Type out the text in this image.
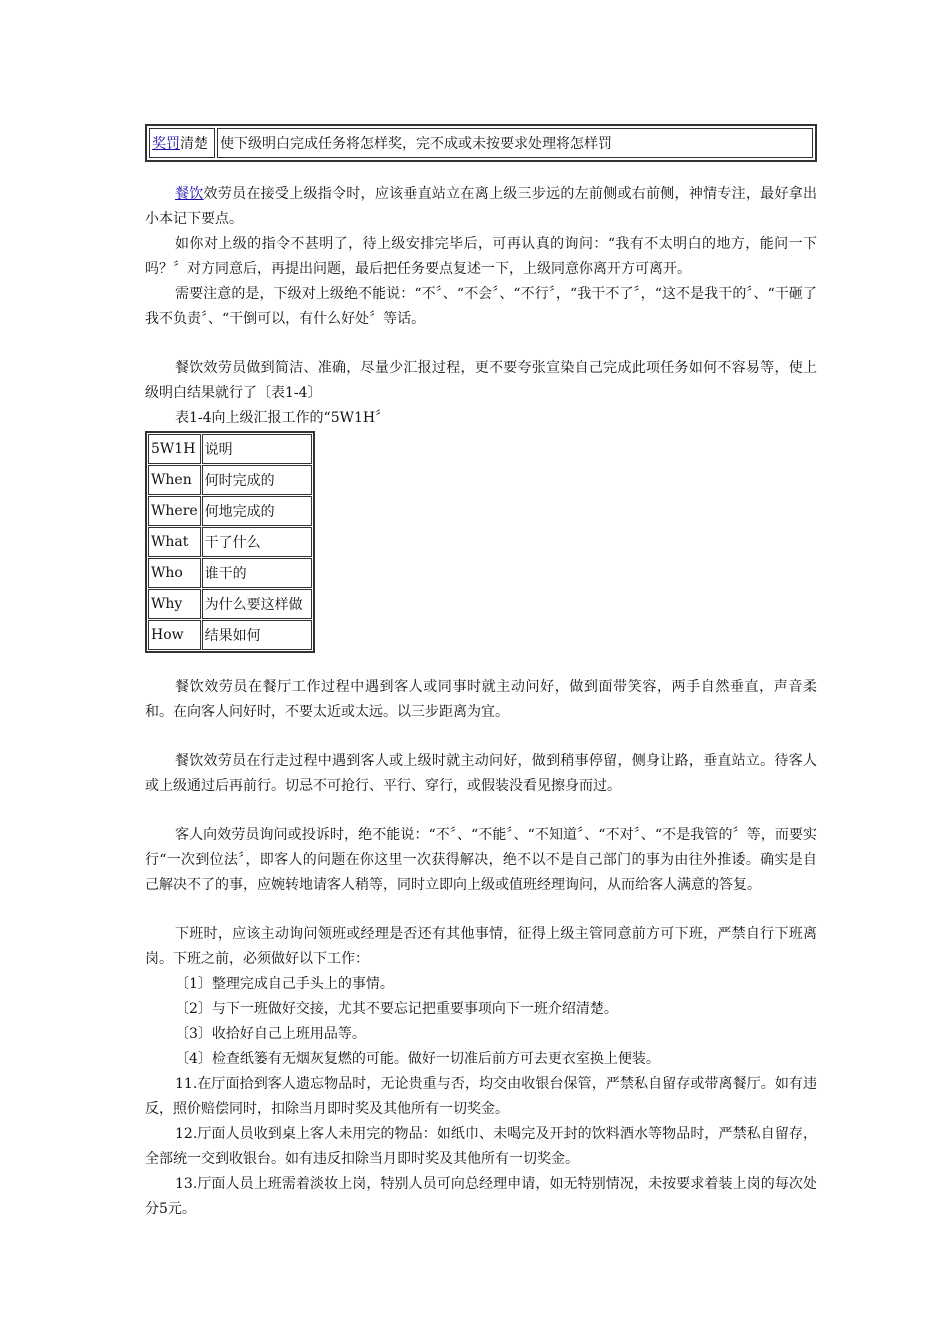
奖罚清楚	使下级明白完成任务将怎样奖，完不成或未按要求处理将怎样罚

餐饮效劳员在接受上级指令时，应该垂直站立在离上级三步远的左前侧或右前侧，神情专注，最好拿出小本记下要点。

如你对上级的指令不甚明了，待上级安排完毕后，可再认真的询问：“我有不太明白的地方，能问一下吗？〞对方同意后，再提出问题，最后把任务要点复述一下，上级同意你离开方可离开。

需要注意的是，下级对上级绝不能说：“不〞、“不会〞、“不行〞，“我干不了〞，“这不是我干的〞、“干砸了我不负责〞、“干倒可以，有什么好处〞等话。

餐饮效劳员做到简洁、准确，尽量少汇报过程，更不要夸张宣染自己完成此项任务如何不容易等，使上级明白结果就行了〔表1-4〕

表1-4向上级汇报工作的“5W1H〞

5W1H	说明
When	何时完成的
Where	何地完成的
What	干了什么
Who	谁干的
Why	为什么要这样做
How	结果如何

餐饮效劳员在餐厅工作过程中遇到客人或同事时就主动问好，做到面带笑容，两手自然垂直，声音柔和。在向客人问好时，不要太近或太远。以三步距离为宜。

餐饮效劳员在行走过程中遇到客人或上级时就主动问好，做到稍事停留，侧身让路，垂直站立。待客人或上级通过后再前行。切忌不可抢行、平行、穿行，或假装没看见擦身而过。

客人向效劳员询问或投诉时，绝不能说：“不〞、“不能〞、“不知道〞、“不对〞、“不是我管的〞等，而要实行“一次到位法〞，即客人的问题在你这里一次获得解决，绝不以不是自己部门的事为由往外推诿。确实是自己解决不了的事，应婉转地请客人稍等，同时立即向上级或值班经理询问，从而给客人满意的答复。

下班时，应该主动询问领班或经理是否还有其他事情，征得上级主管同意前方可下班，严禁自行下班离岗。下班之前，必须做好以下工作：

〔1〕整理完成自己手头上的事情。

〔2〕与下一班做好交接，尤其不要忘记把重要事项向下一班介绍清楚。

〔3〕收拾好自己上班用品等。

〔4〕检查纸篓有无烟灰复燃的可能。做好一切准后前方可去更衣室换上便装。

11.在厅面拾到客人遗忘物品时，无论贵重与否，均交由收银台保管，严禁私自留存或带离餐厅。如有违反，照价赔偿同时，扣除当月即时奖及其他所有一切奖金。

12.厅面人员收到桌上客人未用完的物品：如纸巾、未喝完及开封的饮料酒水等物品时，严禁私自留存，全部统一交到收银台。如有违反扣除当月即时奖及其他所有一切奖金。

13.厅面人员上班需着淡妆上岗，特别人员可向总经理申请，如无特别情况，未按要求着装上岗的每次处分5元。
